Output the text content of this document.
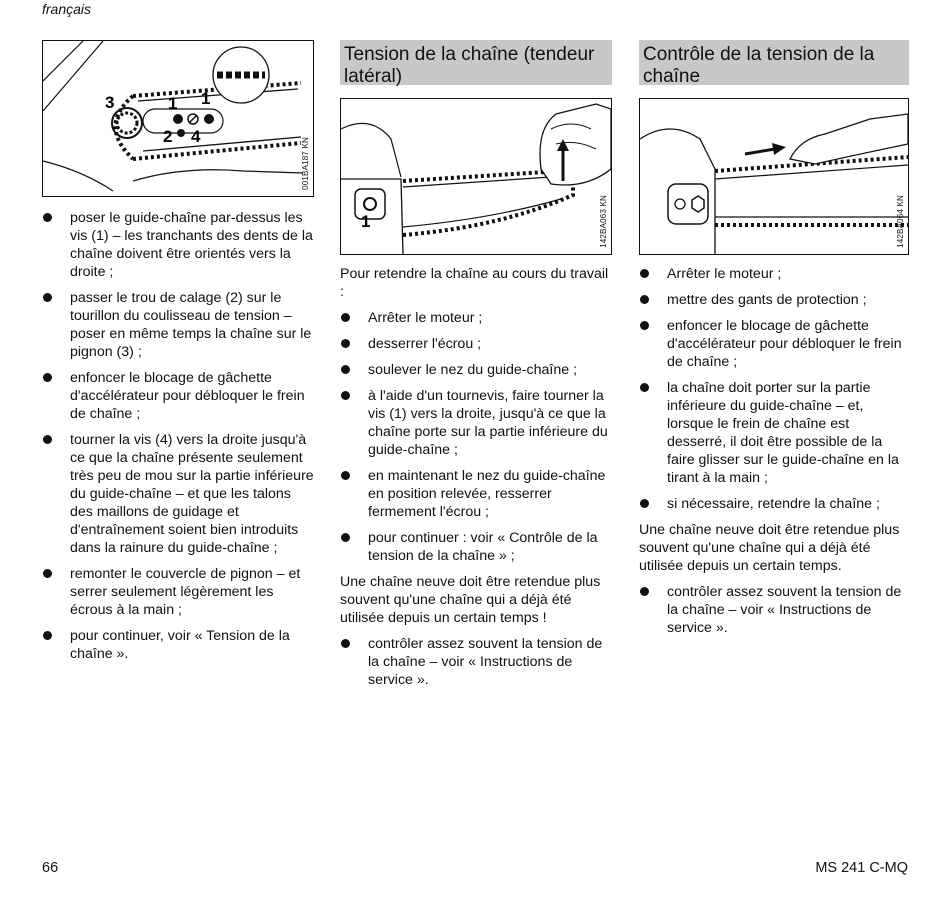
français
3	1 1
2 4
001BA187 KN
poser le guide-chaîne par-dessus les vis (1) – les tranchants des dents de la chaîne doivent être orientés vers la droite ;
passer le trou de calage (2) sur le tourillon du coulisseau de tension – poser en même temps la chaîne sur le pignon (3) ;
enfoncer le blocage de gâchette d'accélérateur pour débloquer le frein de chaîne ;
tourner la vis (4) vers la droite jusqu'à ce que la chaîne présente seulement très peu de mou sur la partie inférieure du guide-chaîne – et que les talons des maillons de guidage et d'entraînement soient bien introduits dans la rainure du guide-chaîne ;
remonter le couvercle de pignon – et serrer seulement légèrement les écrous à la main ;
pour continuer, voir « Tension de la chaîne ».
Tension de la chaîne (tendeur latéral)
1	142BA063 KN

Pour retendre la chaîne au cours du travail :

Arrêter le moteur ;
desserrer l'écrou ;
soulever le nez du guide-chaîne ;
à l'aide d'un tournevis, faire tourner la vis (1) vers la droite, jusqu'à ce que la chaîne porte sur la partie inférieure du guide-chaîne ;
en maintenant le nez du guide-chaîne en position relevée, resserrer fermement l'écrou ;
pour continuer : voir « Contrôle de la tension de la chaîne » ;

Une chaîne neuve doit être retendue plus souvent qu'une chaîne qui a déjà été utilisée depuis un certain temps !

contrôler assez souvent la tension de la chaîne – voir « Instructions de service ».
Contrôle de la tension de la chaîne
142BA064 KN
Arrêter le moteur ;
mettre des gants de protection ;
enfoncer le blocage de gâchette d'accélérateur pour débloquer le frein de chaîne ;
la chaîne doit porter sur la partie inférieure du guide-chaîne – et, lorsque le frein de chaîne est desserré, il doit être possible de la faire glisser sur le guide-chaîne en la tirant à la main ;
si nécessaire, retendre la chaîne ;

Une chaîne neuve doit être retendue plus souvent qu'une chaîne qui a déjà été utilisée depuis un certain temps.

contrôler assez souvent la tension de la chaîne – voir « Instructions de service ».
66	MS 241 C-MQ
